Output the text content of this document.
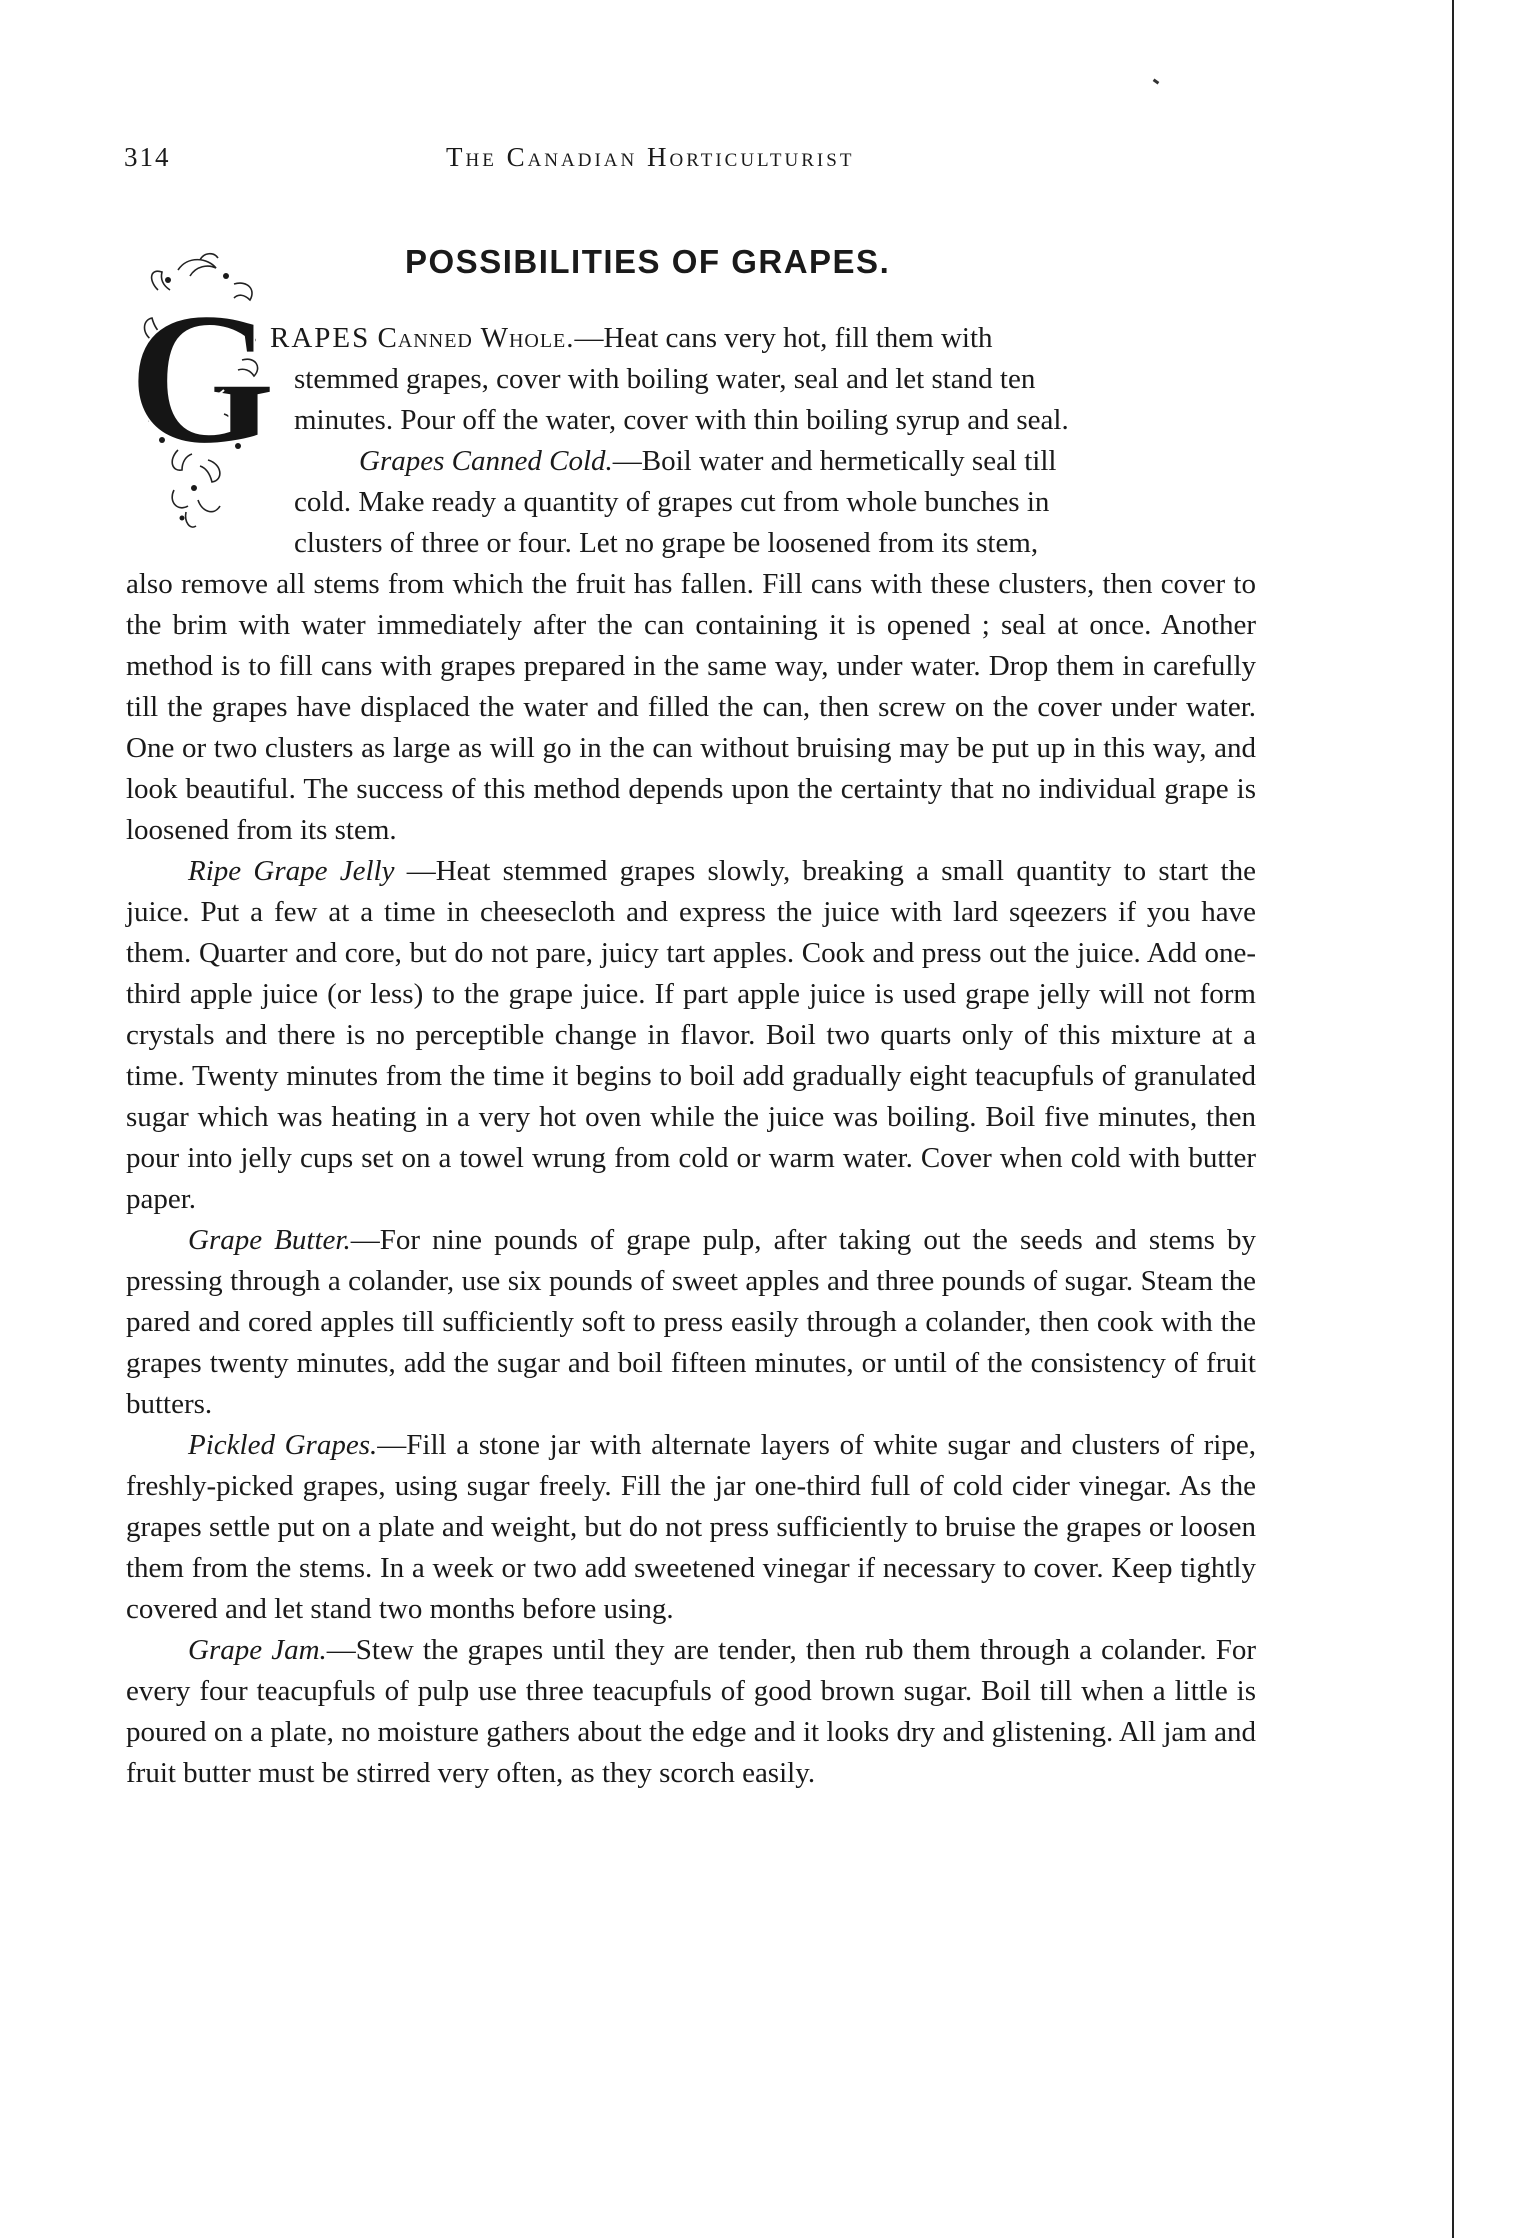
314	The Canadian Horticulturist
POSSIBILITIES OF GRAPES.
G

RAPES Canned Whole.—Heat cans very hot, fill them with
stemmed grapes, cover with boiling water, seal and let stand ten
minutes. Pour off the water, cover with thin boiling syrup and seal.

Grapes Canned Cold.—Boil water and hermetically seal till
cold. Make ready a quantity of grapes cut from whole bunches in
clusters of three or four. Let no grape be loosened from its stem,
also remove all stems from which the fruit has fallen. Fill cans with these clusters, then cover to the brim with water immediately after the can containing it is opened ; seal at once. Another method is to fill cans with grapes prepared in the same way, under water. Drop them in carefully till the grapes have displaced the water and filled the can, then screw on the cover under water. One or two clusters as large as will go in the can without bruising may be put up in this way, and look beautiful. The success of this method depends upon the certainty that no individual grape is loosened from its stem.

Ripe Grape Jelly —Heat stemmed grapes slowly, breaking a small quantity to start the juice. Put a few at a time in cheesecloth and express the juice with lard sqeezers if you have them. Quarter and core, but do not pare, juicy tart apples. Cook and press out the juice. Add one-third apple juice (or less) to the grape juice. If part apple juice is used grape jelly will not form crystals and there is no perceptible change in flavor. Boil two quarts only of this mixture at a time. Twenty minutes from the time it begins to boil add gradually eight teacupfuls of granulated sugar which was heating in a very hot oven while the juice was boiling. Boil five minutes, then pour into jelly cups set on a towel wrung from cold or warm water. Cover when cold with butter paper.

Grape Butter.—For nine pounds of grape pulp, after taking out the seeds and stems by pressing through a colander, use six pounds of sweet apples and three pounds of sugar. Steam the pared and cored apples till sufficiently soft to press easily through a colander, then cook with the grapes twenty minutes, add the sugar and boil fifteen minutes, or until of the consistency of fruit butters.

Pickled Grapes.—Fill a stone jar with alternate layers of white sugar and clusters of ripe, freshly-picked grapes, using sugar freely. Fill the jar one-third full of cold cider vinegar. As the grapes settle put on a plate and weight, but do not press sufficiently to bruise the grapes or loosen them from the stems. In a week or two add sweetened vinegar if necessary to cover. Keep tightly covered and let stand two months before using.

Grape Jam.—Stew the grapes until they are tender, then rub them through a colander. For every four teacupfuls of pulp use three teacupfuls of good brown sugar. Boil till when a little is poured on a plate, no moisture gathers about the edge and it looks dry and glistening. All jam and fruit butter must be stirred very often, as they scorch easily.
